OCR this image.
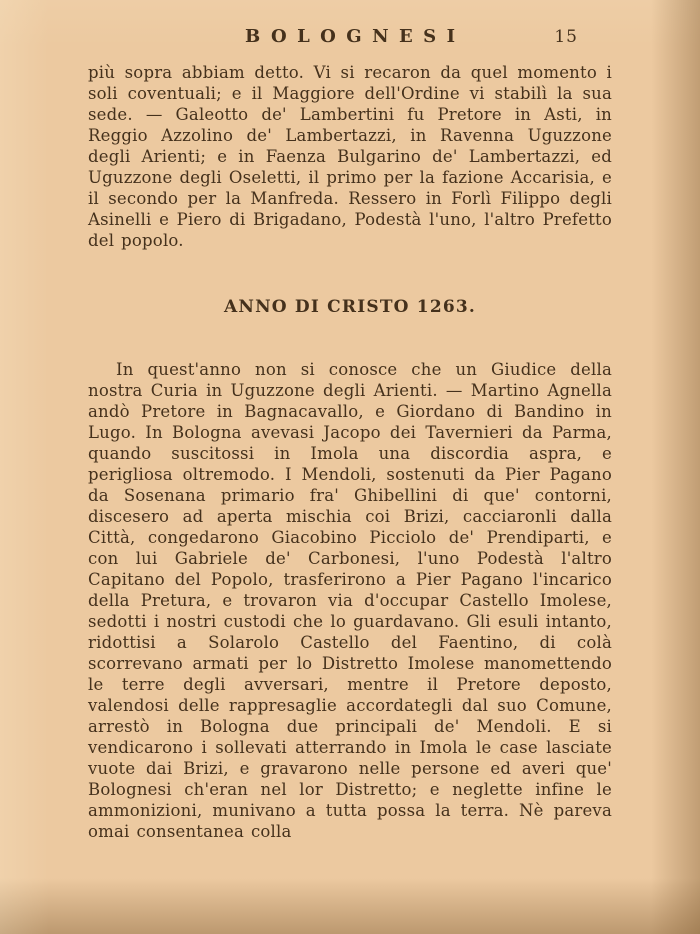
BOLOGNESI	15

più sopra abbiam detto. Vi si recaron da quel momento i soli coventuali; e il Maggiore dell'Ordine vi stabilì la sua sede. — Galeotto de' Lambertini fu Pretore in Asti, in Reggio Azzolino de' Lambertazzi, in Ravenna Uguzzone degli Arienti; e in Faenza Bulgarino de' Lambertazzi, ed Uguzzone degli Oseletti, il primo per la fazione Accarisia, e il secondo per la Manfreda. Ressero in Forlì Filippo degli Asinelli e Piero di Brigadano, Podestà l'uno, l'altro Prefetto del popolo.

ANNO DI CRISTO 1263.

In quest'anno non si conosce che un Giudice della nostra Curia in Uguzzone degli Arienti. — Martino Agnella andò Pretore in Bagnacavallo, e Giordano di Bandino in Lugo. In Bologna avevasi Jacopo dei Tavernieri da Parma, quando suscitossi in Imola una discordia aspra, e perigliosa oltremodo. I Mendoli, sostenuti da Pier Pagano da Sosenana primario fra' Ghibellini di que' contorni, discesero ad aperta mischia coi Brizi, cacciaronli dalla Città, congedarono Giacobino Picciolo de' Prendiparti, e con lui Gabriele de' Carbonesi, l'uno Podestà l'altro Capitano del Popolo, trasferirono a Pier Pagano l'incarico della Pretura, e trovaron via d'occupar Castello Imolese, sedotti i nostri custodi che lo guardavano. Gli esuli intanto, ridottisi a Solarolo Castello del Faentino, di colà scorrevano armati per lo Distretto Imolese manomettendo le terre degli avversari, mentre il Pretore deposto, valendosi delle rappresaglie accordategli dal suo Comune, arrestò in Bologna due principali de' Mendoli. E si vendicarono i sollevati atterrando in Imola le case lasciate vuote dai Brizi, e gravarono nelle persone ed averi que' Bolognesi ch'eran nel lor Distretto; e neglette infine le ammonizioni, munivano a tutta possa la terra. Nè pareva omai consentanea colla
